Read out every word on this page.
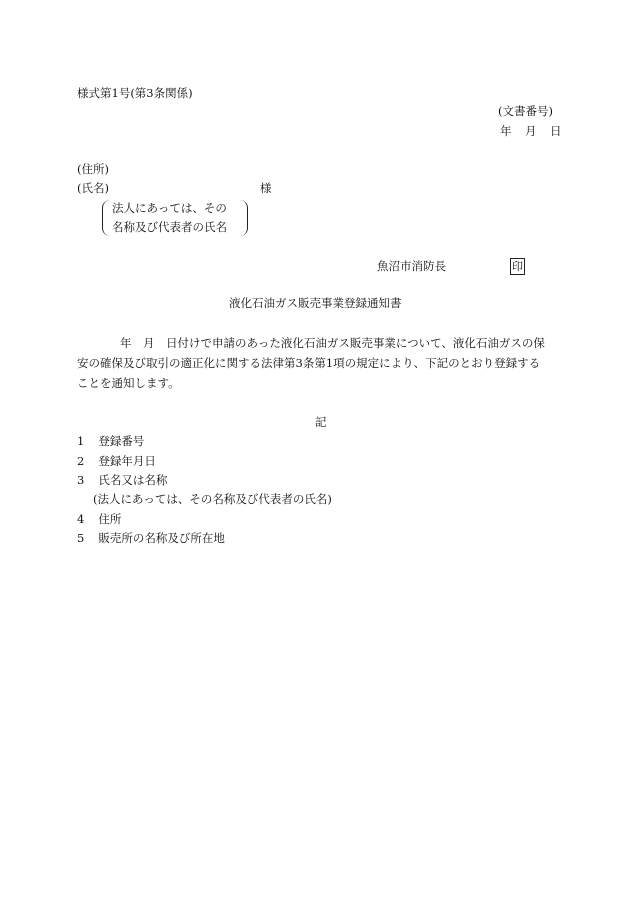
様式第1号(第3条関係)
(文書番号)
年　月　日
(住所)
(氏名)	様
法人にあっては、その
名称及び代表者の氏名
魚沼市消防長	印
液化石油ガス販売事業登録通知書
年　月　日付けで申請のあった液化石油ガス販売事業について、液化石油ガスの保
安の確保及び取引の適正化に関する法律第3条第1項の規定により、下記のとおり登録する
ことを通知します。
記
1 登録番号
2 登録年月日
3 氏名又は名称
(法人にあっては、その名称及び代表者の氏名)
4 住所
5 販売所の名称及び所在地
